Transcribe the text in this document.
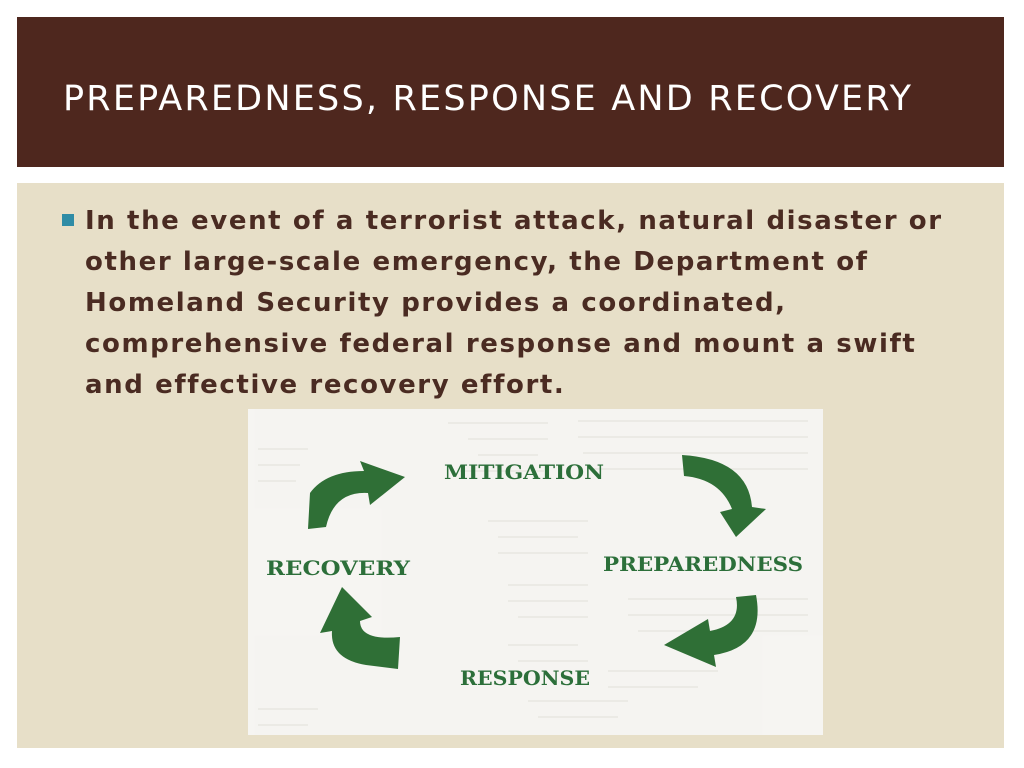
PREPAREDNESS, RESPONSE AND RECOVERY

In the event of a terrorist attack, natural disaster or other large-scale emergency, the Department of Homeland Security provides a coordinated, comprehensive federal response and mount a swift and effective recovery effort.

MITIGATION
PREPAREDNESS
RESPONSE
RECOVERY
